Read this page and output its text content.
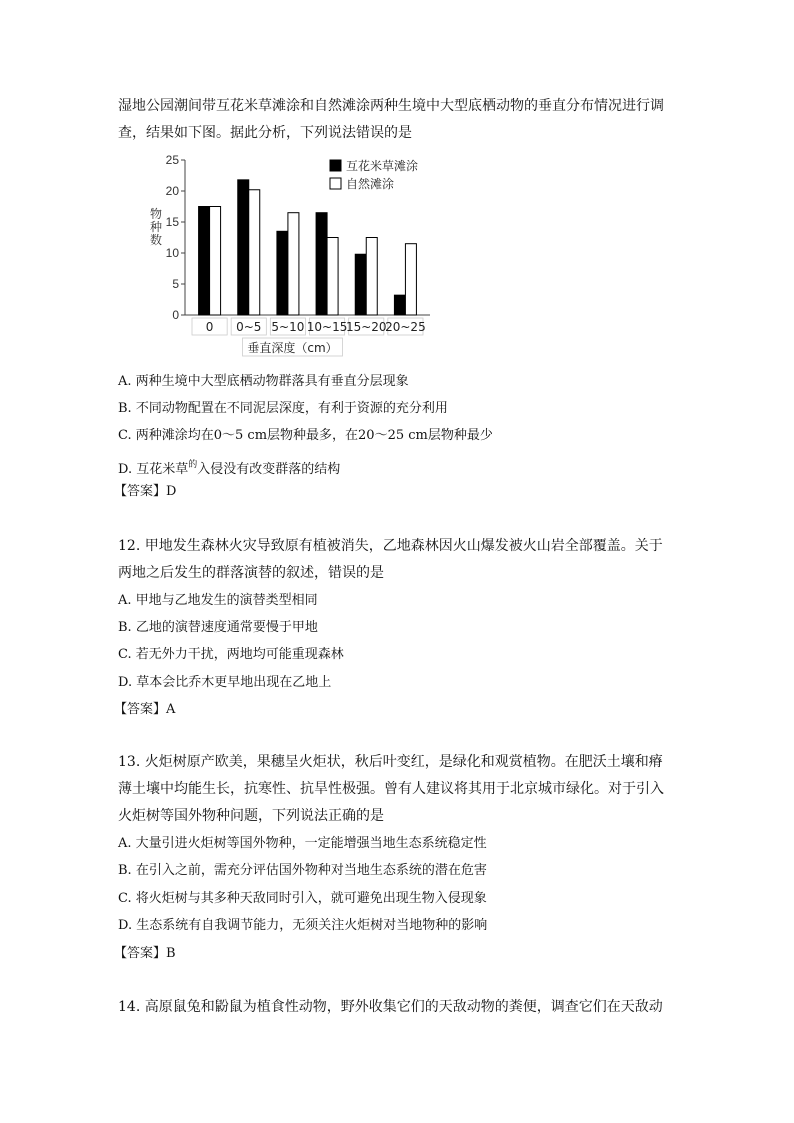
湿地公园潮间带互花米草滩涂和自然滩涂两种生境中大型底栖动物的垂直分布情况进行调
查，结果如下图。据此分析，下列说法错误的是
0
5
10
15
20
25
物种数
0 0~5 5~10 10~15
15~20
20~25
垂直深度（cm）
互花米草滩涂
自然滩涂
A. 两种生境中大型底栖动物群落具有垂直分层现象
B. 不同动物配置在不同泥层深度，有利于资源的充分利用
C. 两种滩涂均在0～5 cm层物种最多，在20～25 cm层物种最少
D. 互花米草$^的$入侵没有改变群落的结构
【答案】D
12. 甲地发生森林火灾导致原有植被消失，乙地森林因火山爆发被火山岩全部覆盖。关于
两地之后发生的群落演替的叙述，错误的是
A. 甲地与乙地发生的演替类型相同
B. 乙地的演替速度通常要慢于甲地
C. 若无外力干扰，两地均可能重现森林
D. 草本会比乔木更早地出现在乙地上
【答案】A
13. 火炬树原产欧美，果穗呈火炬状，秋后叶变红，是绿化和观赏植物。在肥沃土壤和瘠
薄土壤中均能生长，抗寒性、抗旱性极强。曾有人建议将其用于北京城市绿化。对于引入
火炬树等国外物种问题，下列说法正确的是
A. 大量引进火炬树等国外物种，一定能增强当地生态系统稳定性
B. 在引入之前，需充分评估国外物种对当地生态系统的潜在危害
C. 将火炬树与其多种天敌同时引入，就可避免出现生物入侵现象
D. 生态系统有自我调节能力，无须关注火炬树对当地物种的影响
【答案】B
14. 高原鼠兔和鼢鼠为植食性动物，野外收集它们的天敌动物的粪便，调查它们在天敌动
